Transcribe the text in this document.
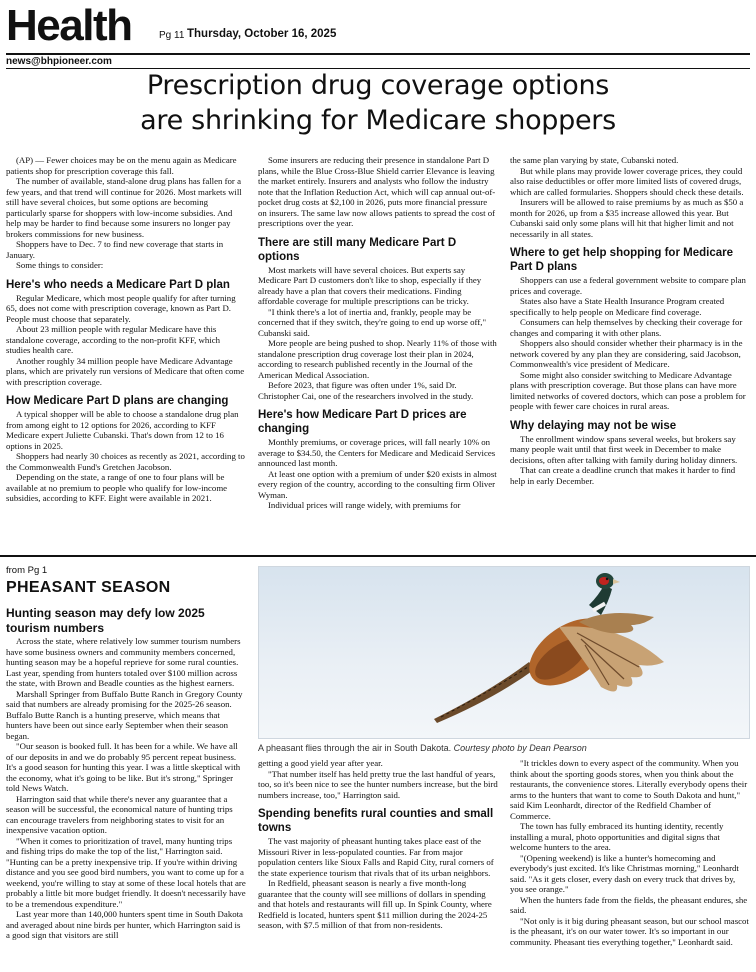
Health	Pg 11 Thursday, October 16, 2025
news@bhpioneer.com
Prescription drug coverage options
are shrinking for Medicare shoppers

(AP) — Fewer choices may be on the menu again as Medicare patients shop for prescription coverage this fall.

The number of available, stand-alone drug plans has fallen for a few years, and that trend will continue for 2026. Most markets will still have several choices, but some options are becoming particularly sparse for shoppers with low-income subsidies. And help may be harder to find because some insurers no longer pay brokers commissions for new business.

Shoppers have to Dec. 7 to find new coverage that starts in January.

Some things to consider:

Here's who needs a Medicare Part D plan

Regular Medicare, which most people qualify for after turning 65, does not come with prescription coverage, known as Part D. People must choose that separately.

About 23 million people with regular Medicare have this standalone coverage, according to the non-profit KFF, which studies health care.

Another roughly 34 million people have Medicare Advantage plans, which are privately run versions of Medicare that often come with prescription coverage.

How Medicare Part D plans are changing

A typical shopper will be able to choose a standalone drug plan from among eight to 12 options for 2026, according to KFF Medicare expert Juliette Cubanski. That's down from 12 to 16 options in 2025.

Shoppers had nearly 30 choices as recently as 2021, according to the Commonwealth Fund's Gretchen Jacobson.

Depending on the state, a range of one to four plans will be available at no premium to people who qualify for low-income subsidies, according to KFF. Eight were available in 2021.

Some insurers are reducing their presence in standalone Part D plans, while the Blue Cross-Blue Shield carrier Elevance is leaving the market entirely. Insurers and analysts who follow the industry note that the Inflation Reduction Act, which will cap annual out-of-pocket drug costs at $2,100 in 2026, puts more financial pressure on insurers. The same law now allows patients to spread the cost of prescriptions over the year.

There are still many Medicare Part D options

Most markets will have several choices. But experts say Medicare Part D customers don't like to shop, especially if they already have a plan that covers their medications. Finding affordable coverage for multiple prescriptions can be tricky.

"I think there's a lot of inertia and, frankly, people may be concerned that if they switch, they're going to end up worse off," Cubanski said.

More people are being pushed to shop. Nearly 11% of those with standalone prescription drug coverage lost their plan in 2024, according to research published recently in the Journal of the American Medical Association.

Before 2023, that figure was often under 1%, said Dr. Christopher Cai, one of the researchers involved in the study.

Here's how Medicare Part D prices are changing

Monthly premiums, or coverage prices, will fall nearly 10% on average to $34.50, the Centers for Medicare and Medicaid Services announced last month.

At least one option with a premium of under $20 exists in almost every region of the country, according to the consulting firm Oliver Wyman.

Individual prices will range widely, with premiums for

the same plan varying by state, Cubanski noted.

But while plans may provide lower coverage prices, they could also raise deductibles or offer more limited lists of covered drugs, which are called formularies. Shoppers should check these details.

Insurers will be allowed to raise premiums by as much as $50 a month for 2026, up from a $35 increase allowed this year. But Cubanski said only some plans will hit that higher limit and not necessarily in all states.

Where to get help shopping for Medicare Part D plans

Shoppers can use a federal government website to compare plan prices and coverage.

States also have a State Health Insurance Program created specifically to help people on Medicare find coverage.

Consumers can help themselves by checking their coverage for changes and comparing it with other plans.

Shoppers also should consider whether their pharmacy is in the network covered by any plan they are considering, said Jacobson, Commonwealth's vice president of Medicare.

Some might also consider switching to Medicare Advantage plans with prescription coverage. But those plans can have more limited networks of covered doctors, which can pose a problem for people with fewer care choices in rural areas.

Why delaying may not be wise

The enrollment window spans several weeks, but brokers say many people wait until that first week in December to make decisions, often after talking with family during holiday dinners.

That can create a deadline crunch that makes it harder to find help in early December.

from Pg 1
PHEASANT SEASON
Hunting season may defy low 2025 tourism numbers
A pheasant flies through the air in South Dakota. Courtesy photo by Dean Pearson

Across the state, where relatively low summer tourism numbers have some business owners and community members concerned, hunting season may be a hopeful reprieve for some rural counties. Last year, spending from hunters totaled over $100 million across the state, with Brown and Beadle counties as the highest earners.

Marshall Springer from Buffalo Butte Ranch in Gregory County said that numbers are already promising for the 2025-26 season. Buffalo Butte Ranch is a hunting preserve, which means that hunters have been out since early September when their season began.

"Our season is booked full. It has been for a while. We have all of our deposits in and we do probably 95 percent repeat business. It's a good season for hunting this year. I was a little skeptical with the economy, what it's going to be like. But it's strong," Springer told News Watch.

Harrington said that while there's never any guarantee that a season will be successful, the economical nature of hunting trips can encourage travelers from neighboring states to visit for an inexpensive vacation option.

"When it comes to prioritization of travel, many hunting trips and fishing trips do make the top of the list," Harrington said. "Hunting can be a pretty inexpensive trip. If you're within driving distance and you see good bird numbers, you want to come up for a weekend, you're willing to stay at some of these local hotels that are probably a little bit more budget friendly. It doesn't necessarily have to be a tremendous expenditure."

Last year more than 140,000 hunters spent time in South Dakota and averaged about nine birds per hunter, which Harrington said is a good sign that visitors are still

getting a good yield year after year.

"That number itself has held pretty true the last handful of years, too, so it's been nice to see the hunter numbers increase, but the bird numbers increase, too," Harrington said.

Spending benefits rural counties and small towns

The vast majority of pheasant hunting takes place east of the Missouri River in less-populated counties. Far from major population centers like Sioux Falls and Rapid City, rural corners of the state experience tourism that rivals that of its urban neighbors.

In Redfield, pheasant season is nearly a five month-long guarantee that the county will see millions of dollars in spending and that hotels and restaurants will fill up. In Spink County, where Redfield is located, hunters spent $11 million during the 2024-25 season, with $7.5 million of that from non-residents.

"It trickles down to every aspect of the community. When you think about the sporting goods stores, when you think about the restaurants, the convenience stores. Literally everybody opens their arms to the hunters that want to come to South Dakota and hunt," said Kim Leonhardt, director of the Redfield Chamber of Commerce.

The town has fully embraced its hunting identity, recently installing a mural, photo opportunities and digital signs that welcome hunters to the area.

"(Opening weekend) is like a hunter's homecoming and everybody's just excited. It's like Christmas morning," Leonhardt said. "As it gets closer, every dash on every truck that drives by, you see orange."

When the hunters fade from the fields, the pheasant endures, she said.

"Not only is it big during pheasant season, but our school mascot is the pheasant, it's on our water tower. It's so important in our community. Pheasant ties everything together," Leonhardt said.
